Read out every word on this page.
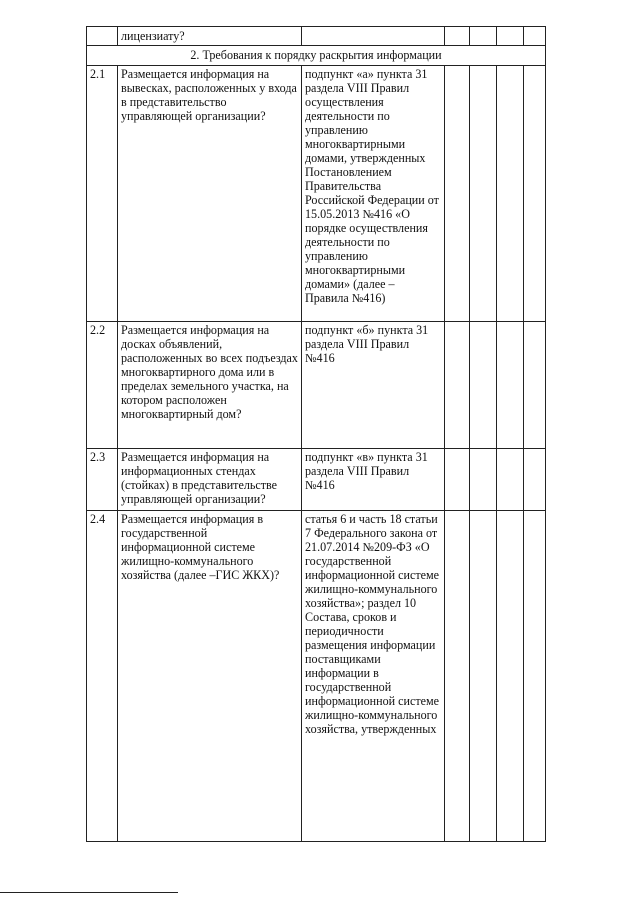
	лицензиату?					
2. Требования к порядку раскрытия информации						
2.1	Размещается информация на вывесках, расположенных у входа в представительство управляющей организации?	подпункт «а» пункта 31 раздела VIII Правил осуществления деятельности по управлению многоквартирными домами, утвержденных Постановлением Правительства Российской Федерации от 15.05.2013 №416 «О порядке осуществления деятельности по управлению многоквартирными домами» (далее – Правила №416)				
2.2	Размещается информация на досках объявлений, расположенных во всех подъездах многоквартирного дома или в пределах земельного участка, на котором расположен многоквартирный дом?	подпункт «б» пункта 31 раздела VIII Правил №416				
2.3	Размещается информация на информационных стендах (стойках) в представительстве управляющей организации?	подпункт «в» пункта 31 раздела VIII Правил №416				
2.4	Размещается информация в государственной информационной системе жилищно-коммунального хозяйства (далее –ГИС ЖКХ)?	статья 6 и часть 18 статьи 7 Федерального закона от 21.07.2014 №209-ФЗ «О государственной информационной системе жилищно-коммунального хозяйства»; раздел 10 Состава, сроков и периодичности размещения информации поставщиками информации в государственной информационной системе жилищно-коммунального хозяйства, утвержденных				
